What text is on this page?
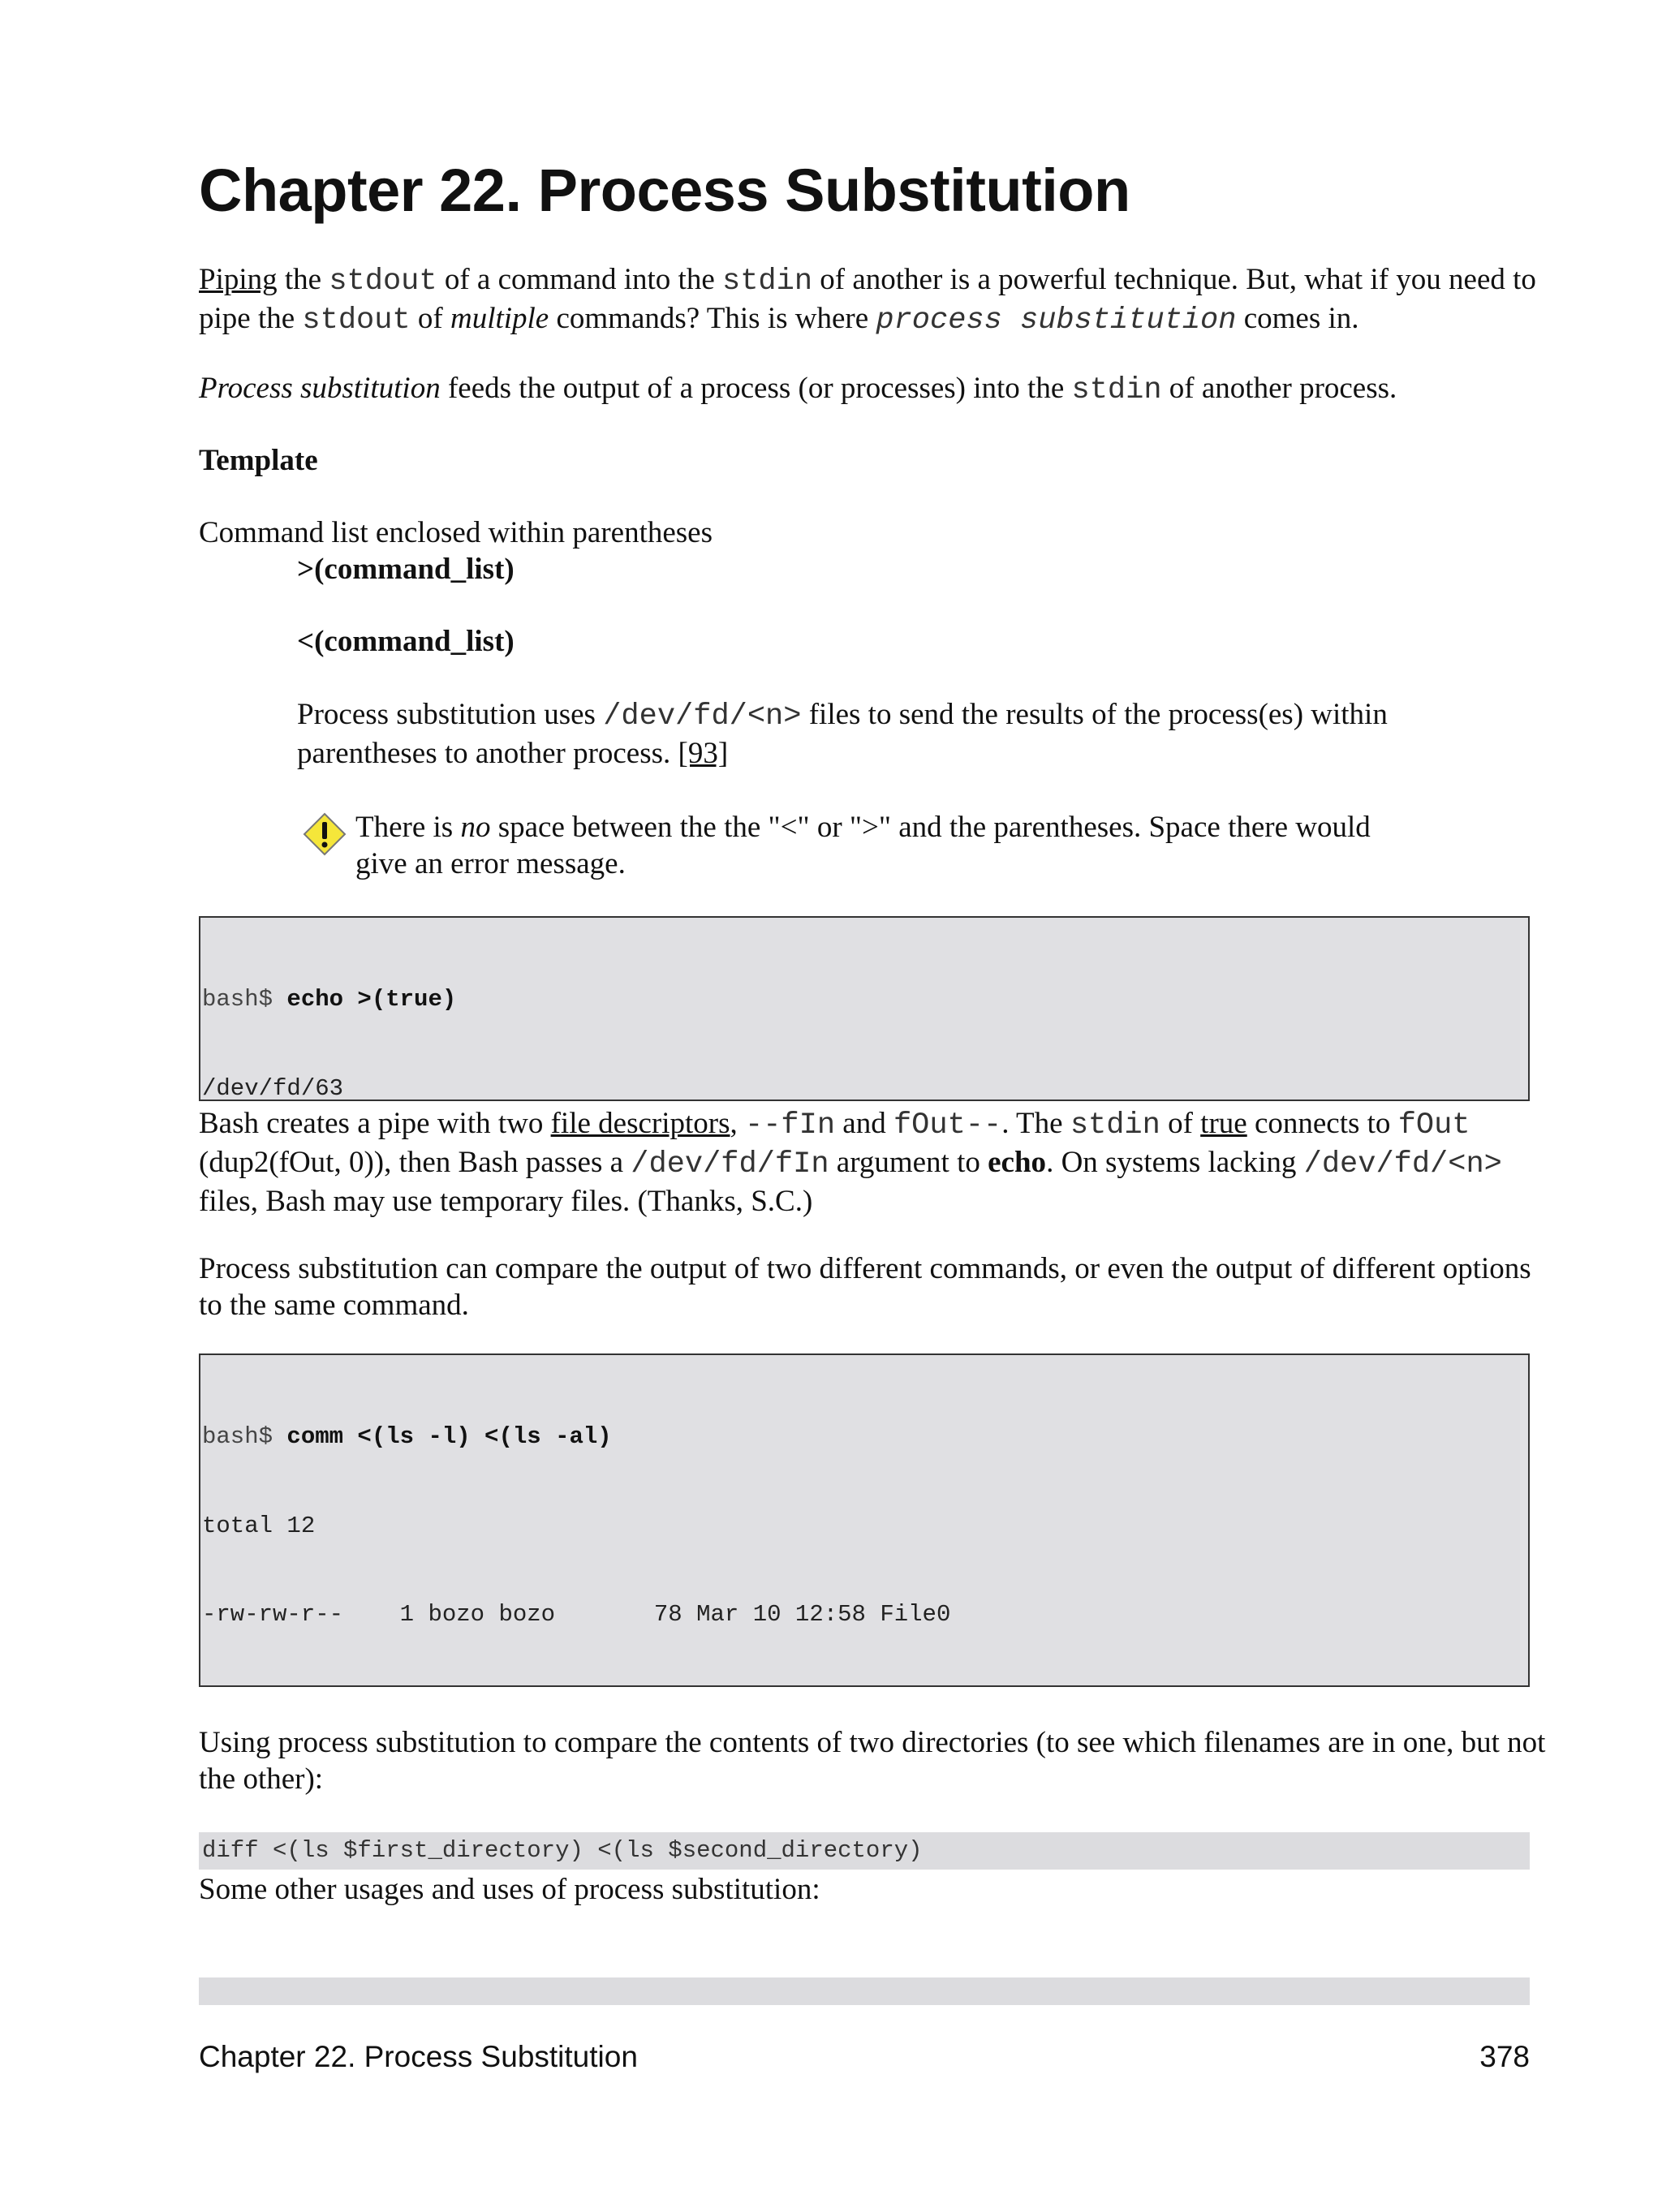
Chapter 22. Process Substitution
Piping the stdout of a command into the stdin of another is a powerful technique. But, what if you need to pipe the stdout of multiple commands? This is where process substitution comes in.
Process substitution feeds the output of a process (or processes) into the stdin of another process.
Template
Command list enclosed within parentheses
>(command_list)
<(command_list)
Process substitution uses /dev/fd/<n> files to send the results of the process(es) within parentheses to another process. [93]
There is no space between the the "<" or ">" and the parentheses. Space there would give an error message.

bash$ echo >(true)

/dev/fd/63

Bash creates a pipe with two file descriptors, --fIn and fOut--. The stdin of true connects to fOut (dup2(fOut, 0)), then Bash passes a /dev/fd/fIn argument to echo. On systems lacking /dev/fd/<n> files, Bash may use temporary files. (Thanks, S.C.)
Process substitution can compare the output of two different commands, or even the output of different options to the same command.

bash$ comm <(ls -l) <(ls -al)

total 12

-rw-rw-r--    1 bozo bozo       78 Mar 10 12:58 File0

Using process substitution to compare the contents of two directories (to see which filenames are in one, but not the other):
diff <(ls $first_directory) <(ls $second_directory)
Some other usages and uses of process substitution:
Chapter 22. Process Substitution	378
